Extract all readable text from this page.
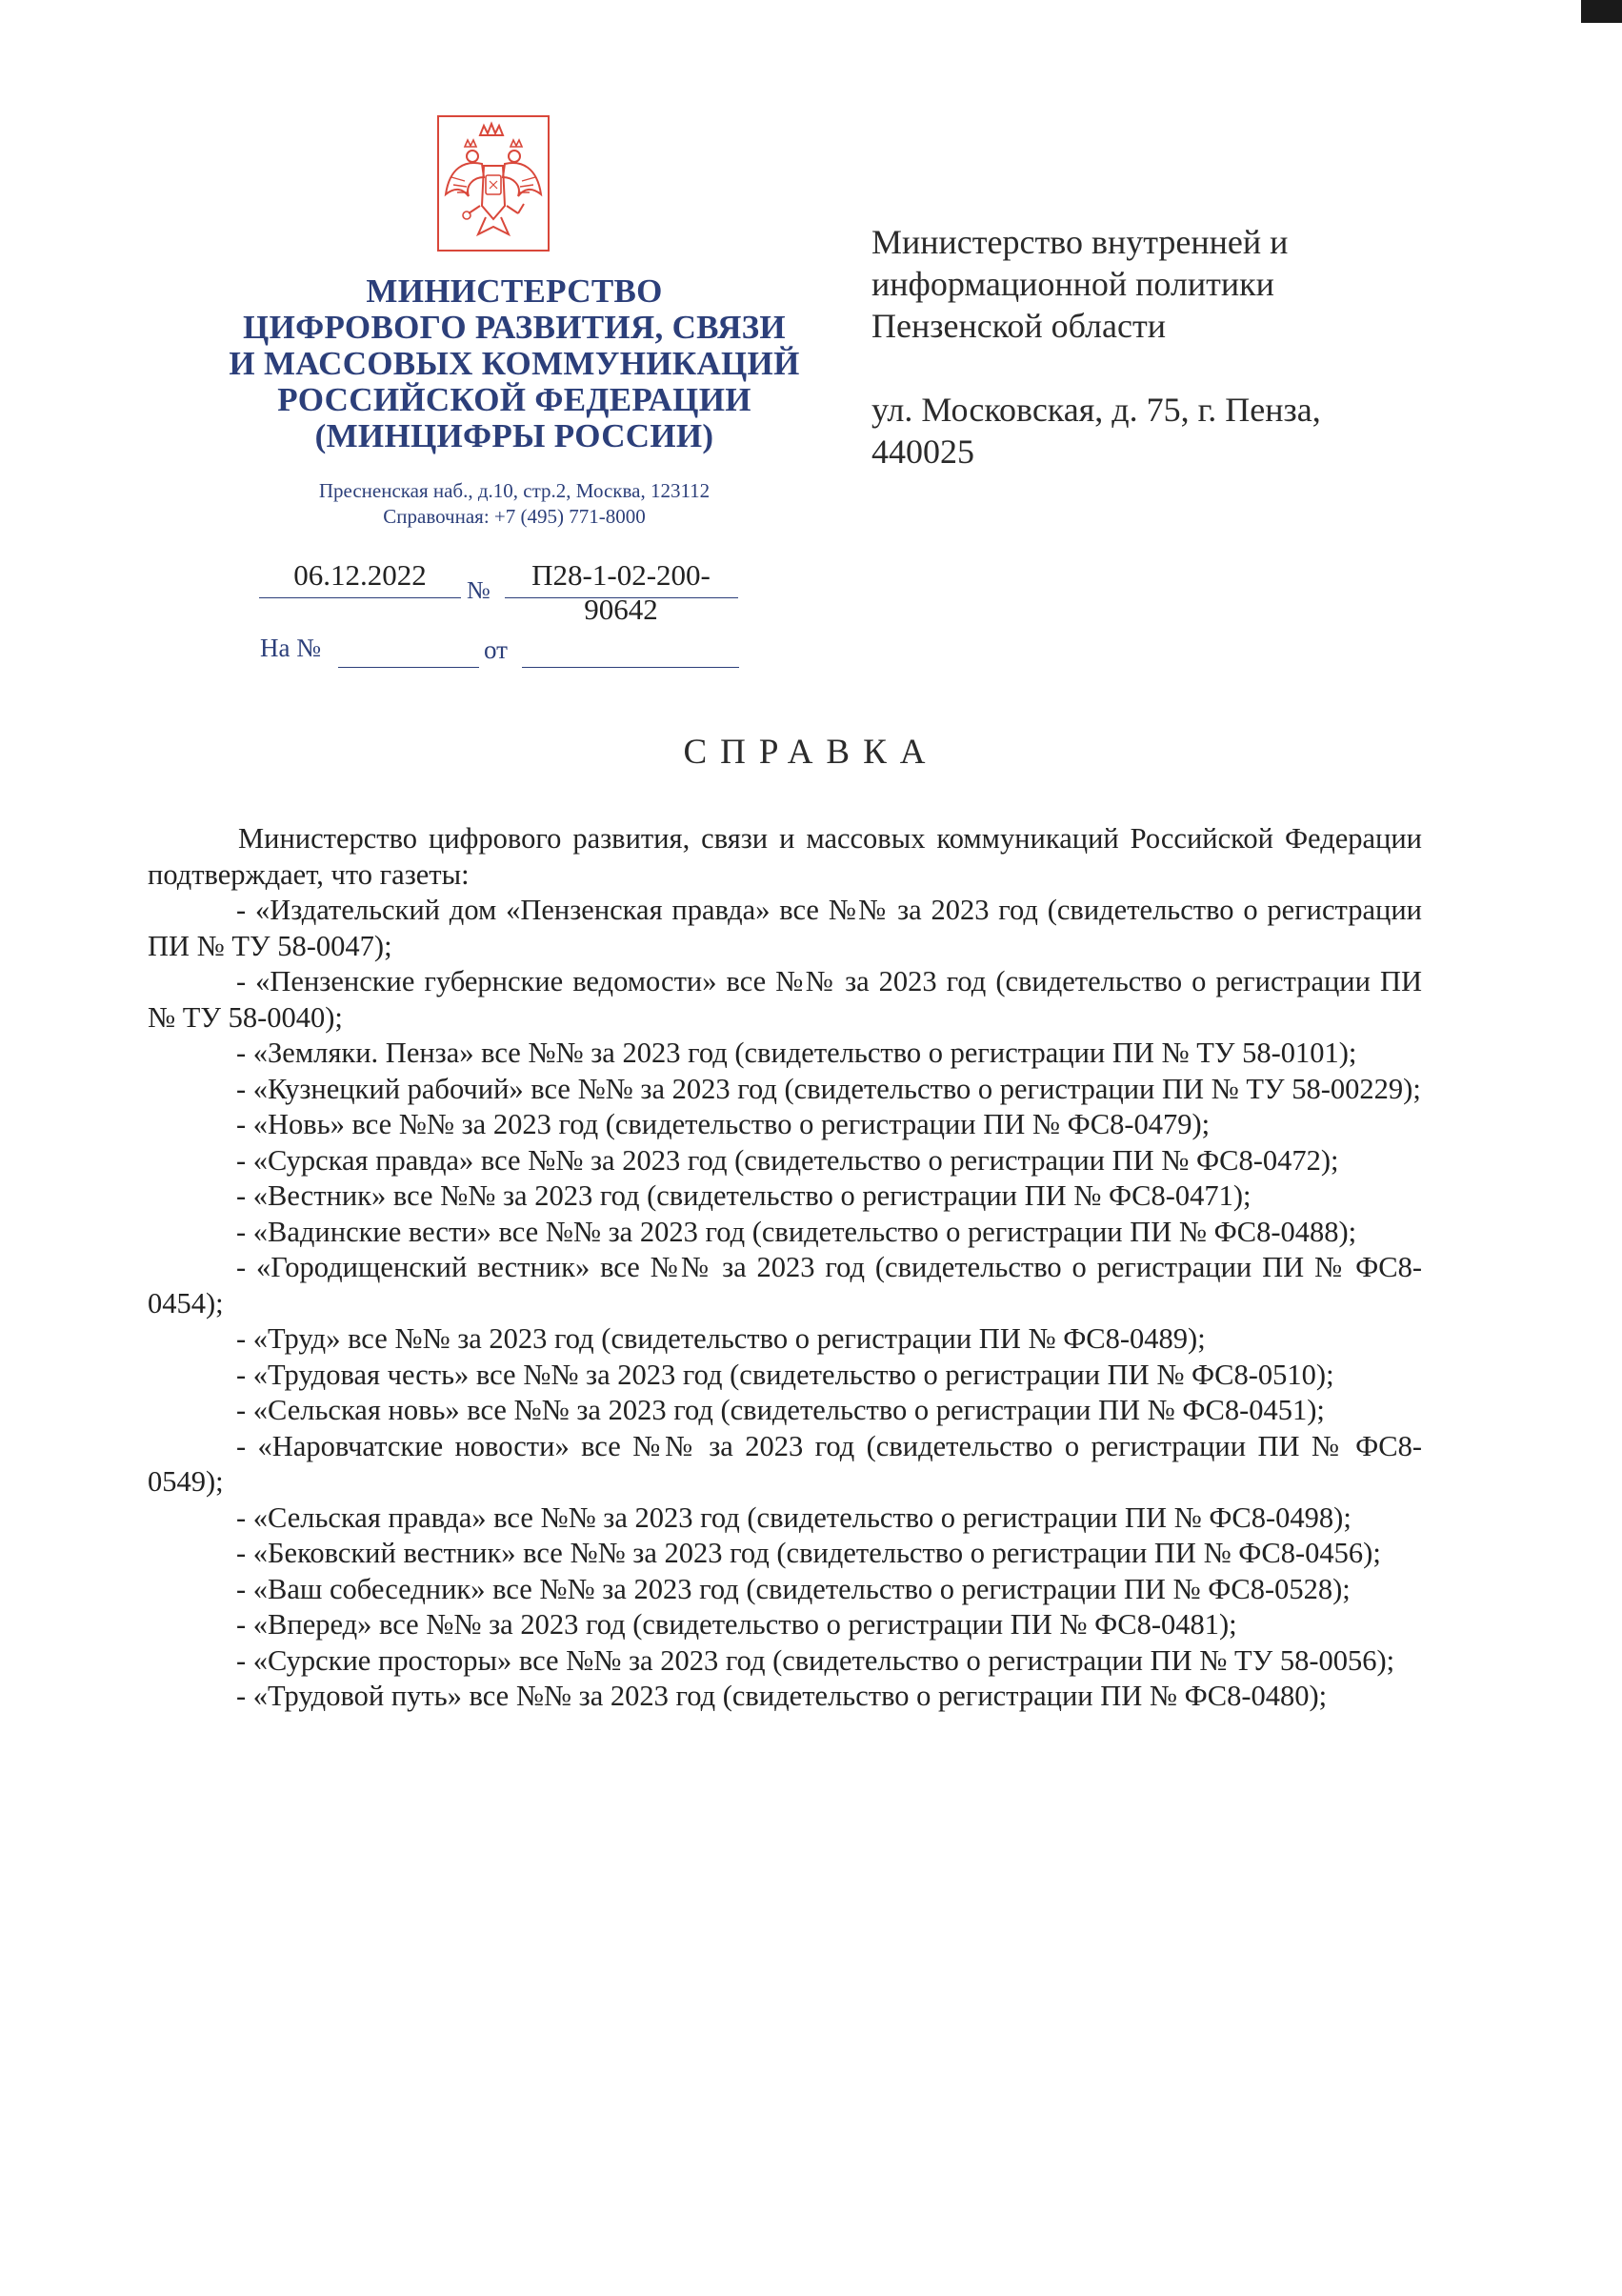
МИНИСТЕРСТВО
ЦИФРОВОГО РАЗВИТИЯ, СВЯЗИ
И МАССОВЫХ КОММУНИКАЦИЙ
РОССИЙСКОЙ ФЕДЕРАЦИИ
(МИНЦИФРЫ РОССИИ)
Пресненская наб., д.10, стр.2, Москва, 123112
Справочная: +7 (495) 771-8000
06.12.2022	№	П28-1-02-200-90642
На №	от
Министерство внутренней и
информационной политики
Пензенской области
ул. Московская, д. 75, г. Пенза,
440025
СПРАВКА

Министерство цифрового развития, связи и массовых коммуникаций Российской Федерации подтверждает, что газеты:

- «Издательский дом «Пензенская правда» все №№ за 2023 год (свидетельство о регистрации ПИ № ТУ 58-0047);

- «Пензенские губернские ведомости» все №№ за 2023 год (свидетельство о регистрации ПИ № ТУ 58-0040);

- «Земляки. Пенза» все №№ за 2023 год (свидетельство о регистрации ПИ № ТУ 58-0101);

- «Кузнецкий рабочий» все №№ за 2023 год (свидетельство о регистрации ПИ № ТУ 58-00229);

- «Новь» все №№ за 2023 год (свидетельство о регистрации ПИ № ФС8-0479);

- «Сурская правда» все №№ за 2023 год (свидетельство о регистрации ПИ № ФС8-0472);

- «Вестник» все №№ за 2023 год (свидетельство о регистрации ПИ № ФС8-0471);

- «Вадинские вести» все №№ за 2023 год (свидетельство о регистрации ПИ № ФС8-0488);

- «Городищенский вестник» все №№ за 2023 год (свидетельство о регистрации ПИ № ФС8-0454);

- «Труд» все №№ за 2023 год (свидетельство о регистрации ПИ № ФС8-0489);

- «Трудовая честь» все №№ за 2023 год (свидетельство о регистрации ПИ № ФС8-0510);

- «Сельская новь» все №№ за 2023 год (свидетельство о регистрации ПИ № ФС8-0451);

- «Наровчатские новости» все №№ за 2023 год (свидетельство о регистрации ПИ № ФС8-0549);

- «Сельская правда» все №№ за 2023 год (свидетельство о регистрации ПИ № ФС8-0498);

- «Бековский вестник» все №№ за 2023 год (свидетельство о регистрации ПИ № ФС8-0456);

- «Ваш собеседник» все №№ за 2023 год (свидетельство о регистрации ПИ № ФС8-0528);

- «Вперед» все №№ за 2023 год (свидетельство о регистрации ПИ № ФС8-0481);

- «Сурские просторы» все №№ за 2023 год (свидетельство о регистрации ПИ № ТУ 58-0056);

- «Трудовой путь» все №№ за 2023 год (свидетельство о регистрации ПИ № ФС8-0480);
